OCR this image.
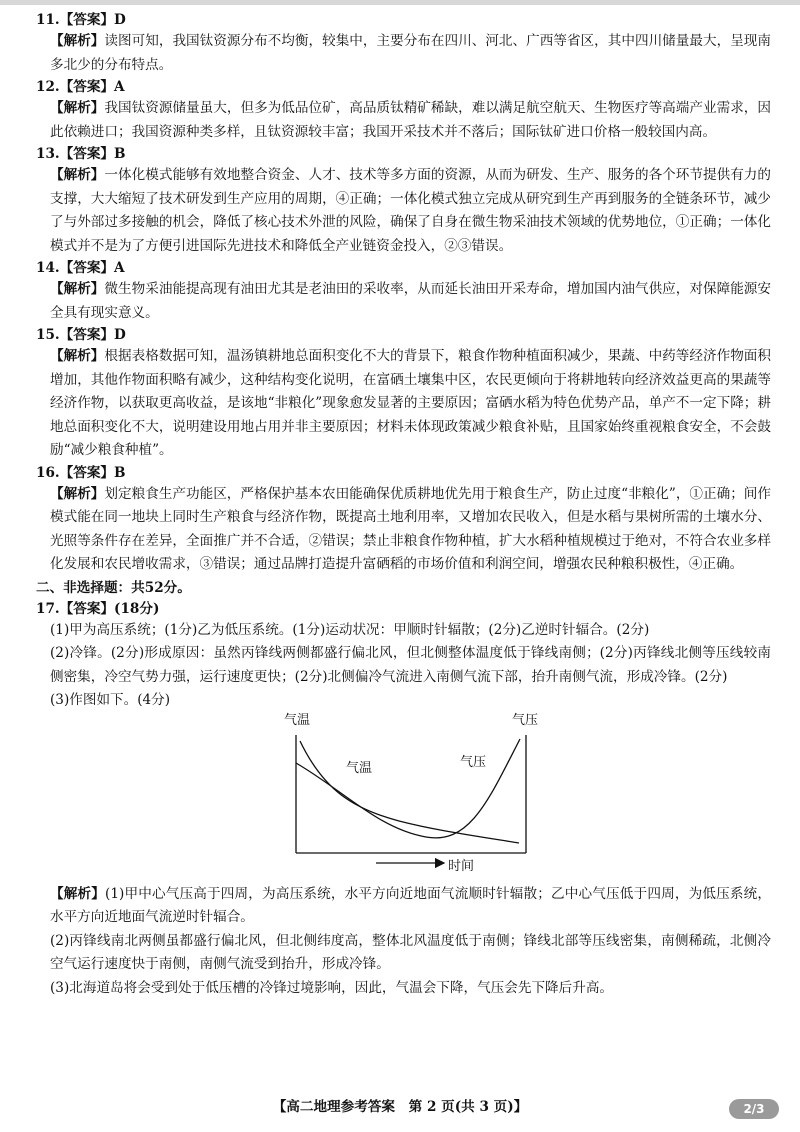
11.【答案】D
【解析】读图可知，我国钛资源分布不均衡，较集中，主要分布在四川、河北、广西等省区，其中四川储量最大，呈现南多北少的分布特点。
12.【答案】A
【解析】我国钛资源储量虽大，但多为低品位矿，高品质钛精矿稀缺，难以满足航空航天、生物医疗等高端产业需求，因此依赖进口；我国资源种类多样，且钛资源较丰富；我国开采技术并不落后；国际钛矿进口价格一般较国内高。
13.【答案】B
【解析】一体化模式能够有效地整合资金、人才、技术等多方面的资源，从而为研发、生产、服务的各个环节提供有力的支撑，大大缩短了技术研发到生产应用的周期，④正确；一体化模式独立完成从研究到生产再到服务的全链条环节，减少了与外部过多接触的机会，降低了核心技术外泄的风险，确保了自身在微生物采油技术领域的优势地位，①正确；一体化模式并不是为了方便引进国际先进技术和降低全产业链资金投入，②③错误。
14.【答案】A
【解析】微生物采油能提高现有油田尤其是老油田的采收率，从而延长油田开采寿命，增加国内油气供应，对保障能源安全具有现实意义。
15.【答案】D
【解析】根据表格数据可知，温汤镇耕地总面积变化不大的背景下，粮食作物种植面积减少，果蔬、中药等经济作物面积增加，其他作物面积略有减少，这种结构变化说明，在富硒土壤集中区，农民更倾向于将耕地转向经济效益更高的果蔬等经济作物，以获取更高收益，是该地“非粮化”现象愈发显著的主要原因；富硒水稻为特色优势产品，单产不一定下降；耕地总面积变化不大，说明建设用地占用并非主要原因；材料未体现政策减少粮食补贴，且国家始终重视粮食安全，不会鼓励“减少粮食种植”。
16.【答案】B
【解析】划定粮食生产功能区，严格保护基本农田能确保优质耕地优先用于粮食生产，防止过度“非粮化”，①正确；间作模式能在同一地块上同时生产粮食与经济作物，既提高土地利用率，又增加农民收入，但是水稻与果树所需的土壤水分、光照等条件存在差异，全面推广并不合适，②错误；禁止非粮食作物种植，扩大水稻种植规模过于绝对，不符合农业多样化发展和农民增收需求，③错误；通过品牌打造提升富硒稻的市场价值和利润空间，增强农民种粮积极性，④正确。
二、非选择题：共52分。
17.【答案】(18分)
(1)甲为高压系统；(1分)乙为低压系统。(1分)运动状况：甲顺时针辐散；(2分)乙逆时针辐合。(2分)
(2)冷锋。(2分)形成原因：虽然丙锋线两侧都盛行偏北风，但北侧整体温度低于锋线南侧；(2分)丙锋线北侧等压线较南侧密集，冷空气势力强，运行速度更快；(2分)北侧偏冷气流进入南侧气流下部，抬升南侧气流，形成冷锋。(2分)
(3)作图如下。(4分)
气温	气压
气温	气压
时间
【解析】(1)甲中心气压高于四周，为高压系统，水平方向近地面气流顺时针辐散；乙中心气压低于四周，为低压系统，水平方向近地面气流逆时针辐合。
(2)丙锋线南北两侧虽都盛行偏北风，但北侧纬度高，整体北风温度低于南侧；锋线北部等压线密集，南侧稀疏，北侧冷空气运行速度快于南侧，南侧气流受到抬升，形成冷锋。
(3)北海道岛将会受到处于低压槽的冷锋过境影响，因此，气温会下降，气压会先下降后升高。
【高二地理参考答案　第 2 页(共 3 页)】	2/3
